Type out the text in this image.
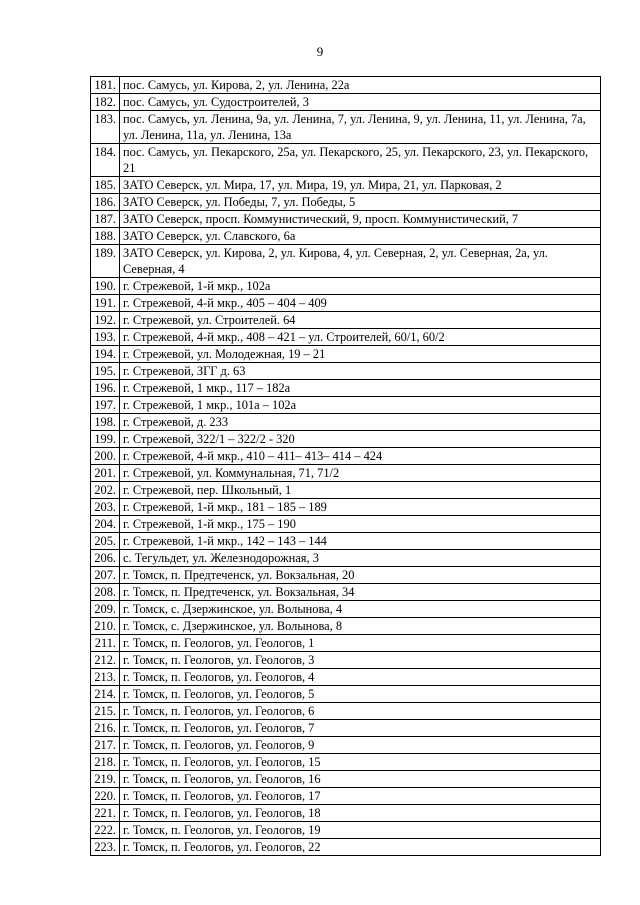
9
181.	пос. Самусь, ул. Кирова, 2, ул. Ленина, 22а
182.	пос. Самусь, ул. Судостроителей, 3
183.	пос. Самусь, ул. Ленина, 9а, ул. Ленина, 7, ул. Ленина, 9, ул. Ленина, 11, ул. Ленина, 7а, ул. Ленина, 11а, ул. Ленина, 13а
184.	пос. Самусь, ул. Пекарского, 25а, ул. Пекарского, 25, ул. Пекарского, 23, ул. Пекарского, 21
185.	ЗАТО Северск, ул. Мира, 17, ул. Мира, 19, ул. Мира, 21, ул. Парковая, 2
186.	ЗАТО Северск, ул. Победы, 7, ул. Победы, 5
187.	ЗАТО Северск, просп. Коммунистический, 9, просп. Коммунистический, 7
188.	ЗАТО Северск, ул. Славского, 6а
189.	ЗАТО Северск, ул. Кирова, 2, ул. Кирова, 4, ул. Северная, 2, ул. Северная, 2а, ул. Северная, 4
190.	г. Стрежевой, 1-й мкр., 102а
191.	г. Стрежевой, 4-й мкр., 405 – 404 – 409
192.	г. Стрежевой, ул. Строителей. 64
193.	г. Стрежевой, 4-й мкр., 408 – 421 – ул. Строителей, 60/1, 60/2
194.	г. Стрежевой, ул. Молодежная, 19 – 21
195.	г. Стрежевой, ЗГГ д. 63
196.	г. Стрежевой, 1 мкр., 117 – 182а
197.	г. Стрежевой, 1 мкр., 101а – 102а
198.	г. Стрежевой, д. 233
199.	г. Стрежевой, 322/1 – 322/2 - 320
200.	г. Стрежевой, 4-й мкр., 410 – 411– 413– 414 – 424
201.	г. Стрежевой, ул. Коммунальная, 71, 71/2
202.	г. Стрежевой, пер. Школьный, 1
203.	г. Стрежевой, 1-й мкр., 181 – 185 – 189
204.	г. Стрежевой, 1-й мкр., 175 – 190
205.	г. Стрежевой, 1-й мкр., 142 – 143 – 144
206.	с. Тегульдет, ул. Железнодорожная, 3
207.	г. Томск, п. Предтеченск, ул. Вокзальная, 20
208.	г. Томск, п. Предтеченск, ул. Вокзальная, 34
209.	г. Томск, с. Дзержинское, ул. Волынова, 4
210.	г. Томск, с. Дзержинское, ул. Волынова, 8
211.	г. Томск, п. Геологов, ул. Геологов, 1
212.	г. Томск, п. Геологов, ул. Геологов, 3
213.	г. Томск, п. Геологов, ул. Геологов, 4
214.	г. Томск, п. Геологов, ул. Геологов, 5
215.	г. Томск, п. Геологов, ул. Геологов, 6
216.	г. Томск, п. Геологов, ул. Геологов, 7
217.	г. Томск, п. Геологов, ул. Геологов, 9
218.	г. Томск, п. Геологов, ул. Геологов, 15
219.	г. Томск, п. Геологов, ул. Геологов, 16
220.	г. Томск, п. Геологов, ул. Геологов, 17
221.	г. Томск, п. Геологов, ул. Геологов, 18
222.	г. Томск, п. Геологов, ул. Геологов, 19
223.	г. Томск, п. Геологов, ул. Геологов, 22
